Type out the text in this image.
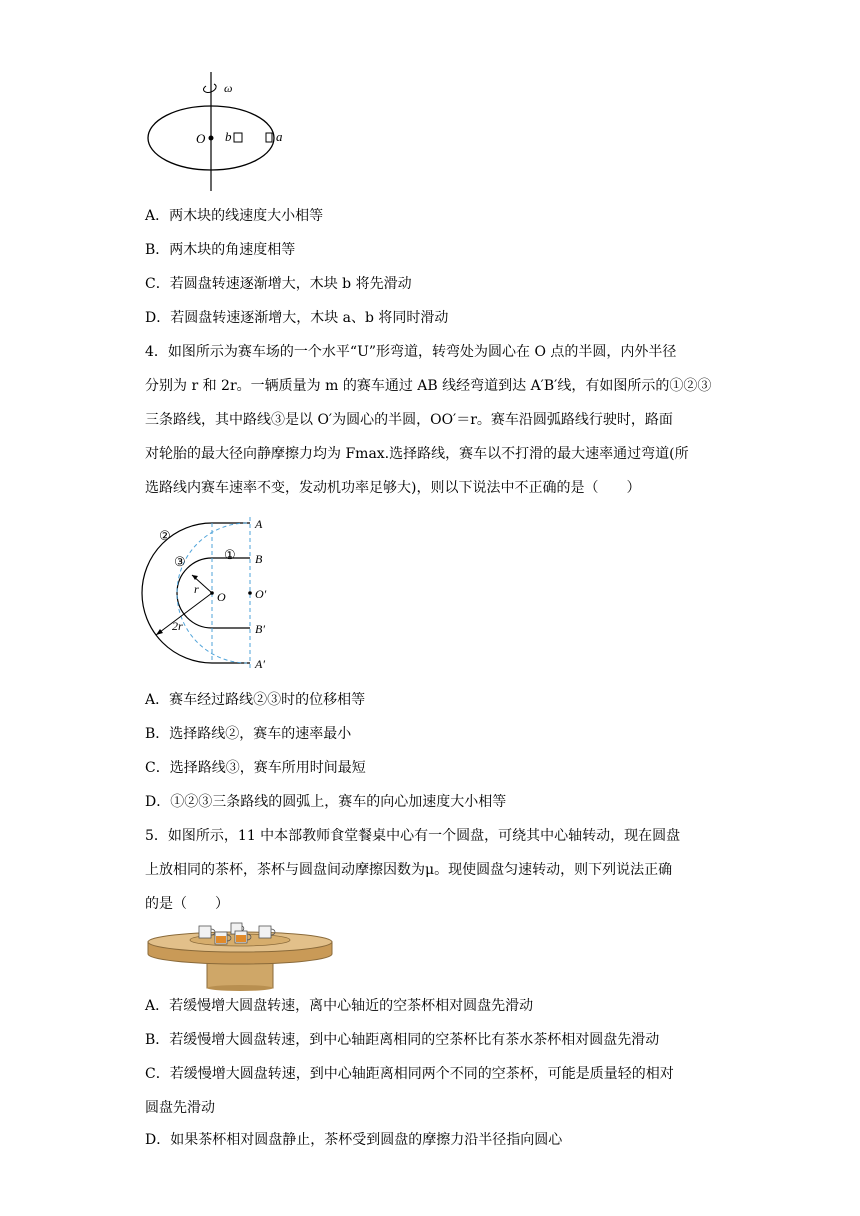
ω
O b	a
A．两木块的线速度大小相等
B．两木块的角速度相等
C．若圆盘转速逐渐增大，木块 b 将先滑动
D．若圆盘转速逐渐增大，木块 a、b 将同时滑动
4．如图所示为赛车场的一个水平“U”形弯道，转弯处为圆心在 O 点的半圆，内外半径
分别为 r 和 2r。一辆质量为 m 的赛车通过 AB 线经弯道到达 A′B′线，有如图所示的①②③
三条路线，其中路线③是以 O′为圆心的半圆，OO′＝r。赛车沿圆弧路线行驶时，路面
对轮胎的最大径向静摩擦力均为 Fmax.选择路线，赛车以不打滑的最大速率通过弯道(所
选路线内赛车速率不变，发动机功率足够大)，则以下说法中不正确的是（　　）
A
B
O′
B′
A′
O
r
2r
①
②
③
A．赛车经过路线②③时的位移相等
B．选择路线②，赛车的速率最小
C．选择路线③，赛车所用时间最短
D．①②③三条路线的圆弧上，赛车的向心加速度大小相等
5．如图所示，11 中本部教师食堂餐桌中心有一个圆盘，可绕其中心轴转动，现在圆盘
上放相同的茶杯，茶杯与圆盘间动摩擦因数为μ。现使圆盘匀速转动，则下列说法正确
的是（　　）
A．若缓慢增大圆盘转速，离中心轴近的空茶杯相对圆盘先滑动
B．若缓慢增大圆盘转速，到中心轴距离相同的空茶杯比有茶水茶杯相对圆盘先滑动
C．若缓慢增大圆盘转速，到中心轴距离相同两个不同的空茶杯，可能是质量轻的相对
圆盘先滑动
D．如果茶杯相对圆盘静止，茶杯受到圆盘的摩擦力沿半径指向圆心
